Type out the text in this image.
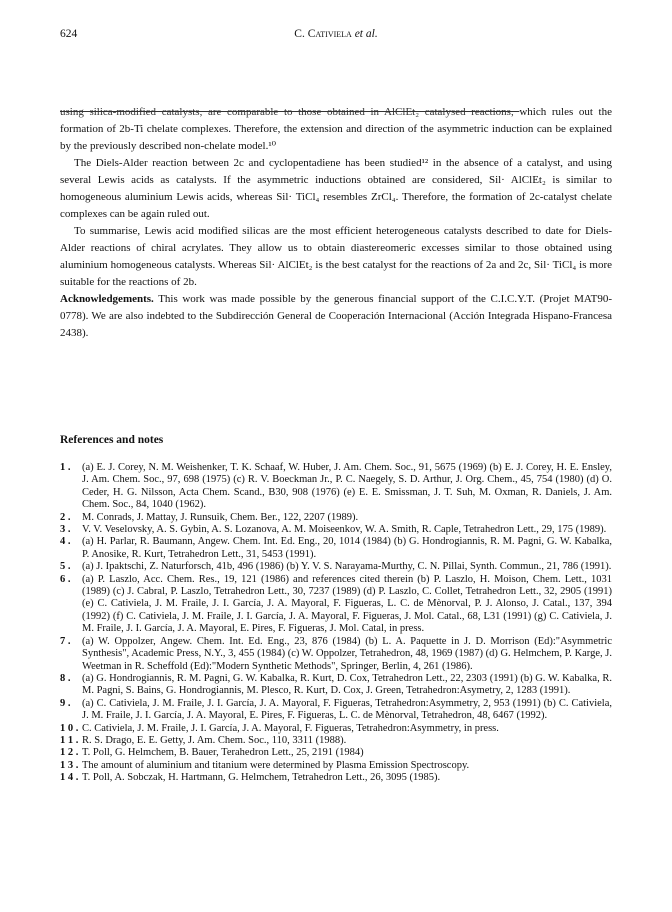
624	C. Cativiela et al.

using silica-modified catalysts, are comparable to those obtained in AlClEt₂ catalysed reactions, which rules out the formation of 2b-Ti chelate complexes. Therefore, the extension and direction of the asymmetric induction can be explained by the previously described non-chelate model.¹⁰

The Diels-Alder reaction between 2c and cyclopentadiene has been studied¹² in the absence of a catalyst, and using several Lewis acids as catalysts. If the asymmetric inductions obtained are considered, Sil· AlClEt₂ is similar to homogeneous aluminium Lewis acids, whereas Sil· TiCl₄ resembles ZrCl₄. Therefore, the formation of 2c-catalyst chelate complexes can be again ruled out.

To summarise, Lewis acid modified silicas are the most efficient heterogeneous catalysts described to date for Diels-Alder reactions of chiral acrylates. They allow us to obtain diastereomeric excesses similar to those obtained using aluminium homogeneous catalysts. Whereas Sil· AlClEt₂ is the best catalyst for the reactions of 2a and 2c, Sil· TiCl₄ is more suitable for the reactions of 2b.

Acknowledgements. This work was made possible by the generous financial support of the C.I.C.Y.T. (Projet MAT90-0778). We are also indebted to the Subdirección General de Cooperación Internacional (Acción Integrada Hispano-Francesa 2438).

References and notes
1 . (a) E. J. Corey, N. M. Weishenker, T. K. Schaaf, W. Huber, J. Am. Chem. Soc., 91, 5675 (1969) (b) E. J. Corey, H. E. Ensley, J. Am. Chem. Soc., 97, 698 (1975) (c) R. V. Boeckman Jr., P. C. Naegely, S. D. Arthur, J. Org. Chem., 45, 754 (1980) (d) O. Ceder, H. G. Nilsson, Acta Chem. Scand., B30, 908 (1976) (e) E. E. Smissman, J. T. Suh, M. Oxman, R. Daniels, J. Am. Chem. Soc., 84, 1040 (1962).
2 . M. Conrads, J. Mattay, J. Runsuik, Chem. Ber., 122, 2207 (1989).
3 . V. V. Veselovsky, A. S. Gybin, A. S. Lozanova, A. M. Moiseenkov, W. A. Smith, R. Caple, Tetrahedron Lett., 29, 175 (1989).
4 . (a) H. Parlar, R. Baumann, Angew. Chem. Int. Ed. Eng., 20, 1014 (1984) (b) G. Hondrogiannis, R. M. Pagni, G. W. Kabalka, P. Anosike, R. Kurt, Tetrahedron Lett., 31, 5453 (1991).
5 . (a) J. Ipaktschi, Z. Naturforsch, 41b, 496 (1986) (b) Y. V. S. Narayama-Murthy, C. N. Pillai, Synth. Commun., 21, 786 (1991).
6 . (a) P. Laszlo, Acc. Chem. Res., 19, 121 (1986) and references cited therein (b) P. Laszlo, H. Moison, Chem. Lett., 1031 (1989) (c) J. Cabral, P. Laszlo, Tetrahedron Lett., 30, 7237 (1989) (d) P. Laszlo, C. Collet, Tetrahedron Lett., 32, 2905 (1991) (e) C. Cativiela, J. M. Fraile, J. I. García, J. A. Mayoral, F. Figueras, L. C. de Mènorval, P. J. Alonso, J. Catal., 137, 394 (1992) (f) C. Cativiela, J. M. Fraile, J. I. García, J. A. Mayoral, F. Figueras, J. Mol. Catal., 68, L31 (1991) (g) C. Cativiela, J. M. Fraile, J. I. García, J. A. Mayoral, E. Pires, F. Figueras, J. Mol. Catal, in press.
7 . (a) W. Oppolzer, Angew. Chem. Int. Ed. Eng., 23, 876 (1984) (b) L. A. Paquette in J. D. Morrison (Ed):"Asymmetric Synthesis", Academic Press, N.Y., 3, 455 (1984) (c) W. Oppolzer, Tetrahedron, 48, 1969 (1987) (d) G. Helmchem, P. Karge, J. Weetman in R. Scheffold (Ed):"Modern Synthetic Methods", Springer, Berlin, 4, 261 (1986).
8 . (a) G. Hondrogiannis, R. M. Pagni, G. W. Kabalka, R. Kurt, D. Cox, Tetrahedron Lett., 22, 2303 (1991) (b) G. W. Kabalka, R. M. Pagni, S. Bains, G. Hondrogiannis, M. Plesco, R. Kurt, D. Cox, J. Green, Tetrahedron:Asymetry, 2, 1283 (1991).
9 . (a) C. Cativiela, J. M. Fraile, J. I. García, J. A. Mayoral, F. Figueras, Tetrahedron:Asymmetry, 2, 953 (1991) (b) C. Cativiela, J. M. Fraile, J. I. García, J. A. Mayoral, E. Pires, F. Figueras, L. C. de Mènorval, Tetrahedron, 48, 6467 (1992).
1 0 . C. Cativiela, J. M. Fraile, J. I. García, J. A. Mayoral, F. Figueras, Tetrahedron:Asymmetry, in press.
1 1 . R. S. Drago, E. E. Getty, J. Am. Chem. Soc., 110, 3311 (1988).
1 2 . T. Poll, G. Helmchem, B. Bauer, Terahedron Lett., 25, 2191 (1984)
1 3 . The amount of aluminium and titanium were determined by Plasma Emission Spectroscopy.
1 4 . T. Poll, A. Sobczak, H. Hartmann, G. Helmchem, Tetrahedron Lett., 26, 3095 (1985).
